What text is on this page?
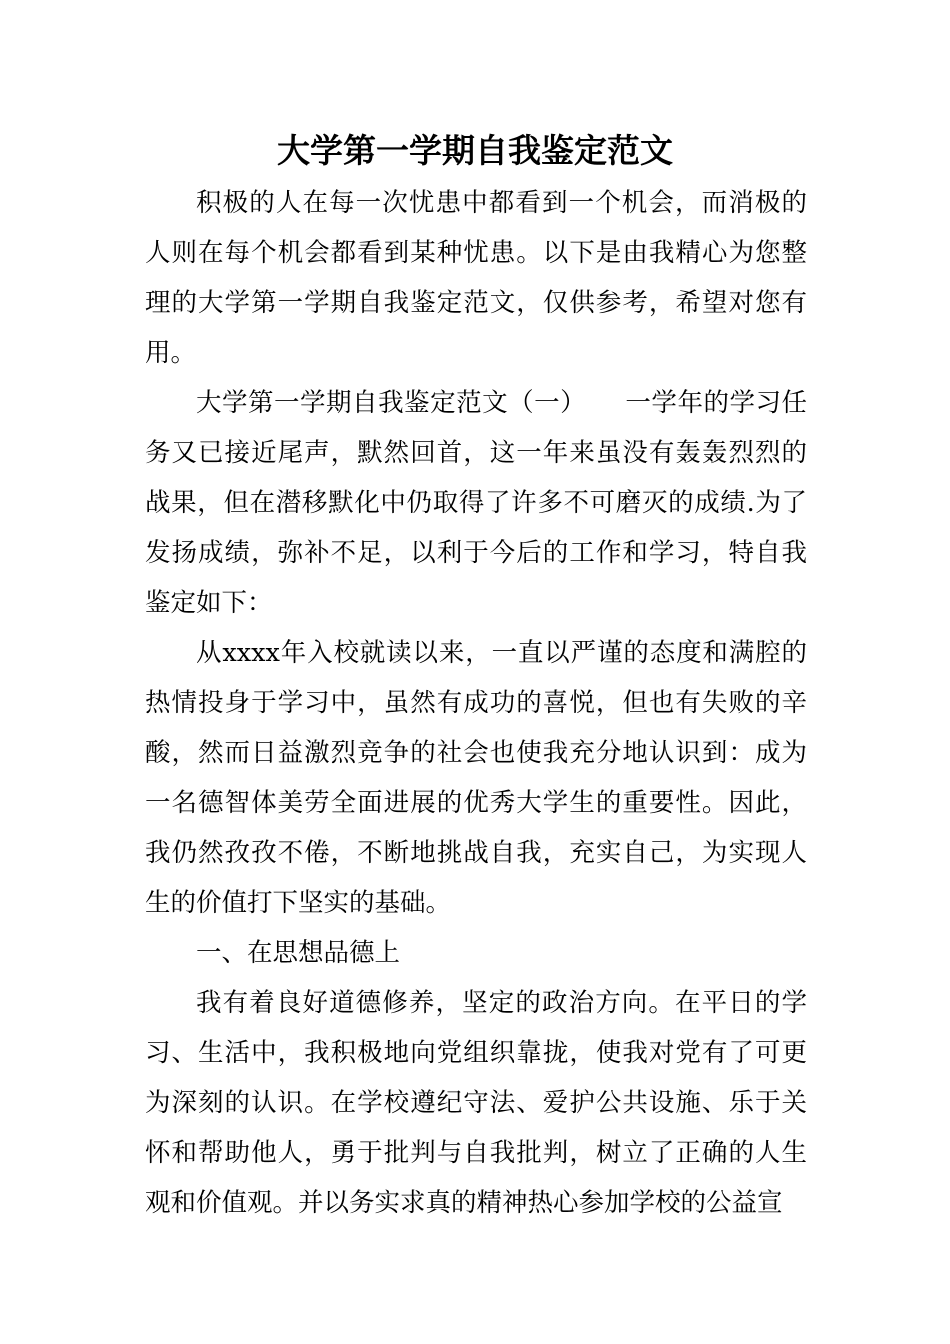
大学第一学期自我鉴定范文

积极的人在每一次忧患中都看到一个机会，而消极的人则在每个机会都看到某种忧患。以下是由我精心为您整理的大学第一学期自我鉴定范文，仅供参考，希望对您有用。

大学第一学期自我鉴定范文（一）　　一学年的学习任务又已接近尾声，默然回首，这一年来虽没有轰轰烈烈的战果，但在潜移默化中仍取得了许多不可磨灭的成绩.为了发扬成绩，弥补不足，以利于今后的工作和学习，特自我鉴定如下：

从xxxx年入校就读以来，一直以严谨的态度和满腔的热情投身于学习中，虽然有成功的喜悦，但也有失败的辛酸，然而日益激烈竞争的社会也使我充分地认识到：成为一名德智体美劳全面进展的优秀大学生的重要性。因此，我仍然孜孜不倦，不断地挑战自我，充实自己，为实现人生的价值打下坚实的基础。

一、在思想品德上

我有着良好道德修养，坚定的政治方向。在平日的学习、生活中，我积极地向党组织靠拢，使我对党有了可更为深刻的认识。在学校遵纪守法、爱护公共设施、乐于关怀和帮助他人，勇于批判与自我批判，树立了正确的人生观和价值观。并以务实求真的精神热心参加学校的公益宣
